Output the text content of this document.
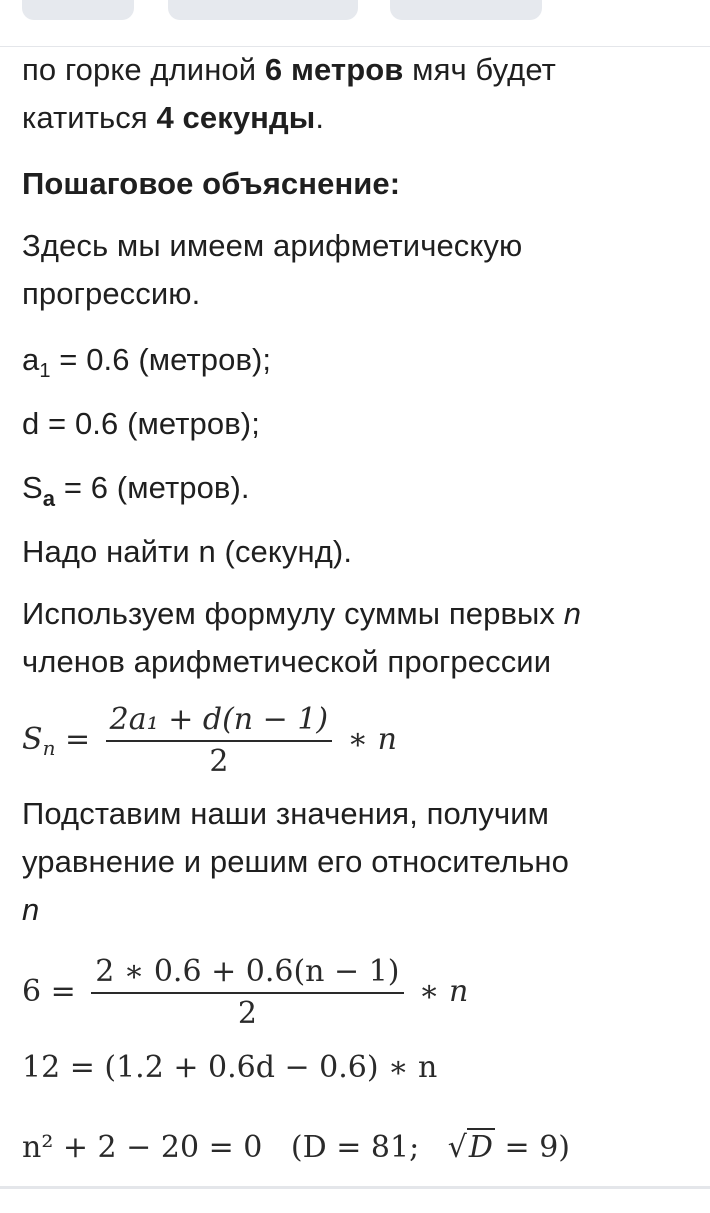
по горке длиной 6 метров мяч будет
катиться 4 секунды.
Пошаговое объяснение:
Здесь мы имеем арифметическую
прогрессию.
$a_1 = 0.6$ (метров);
d = 0.6 (метров);
$S_a = 6$ (метров).
Надо найти n (секунд).
Используем формулу суммы первых n
членов арифметической прогрессии
$S_n = \frac{\text{2a₁ + d(n − 1)}}{2}$ ∗ n
Подставим наши значения, получим
уравнение и решим его относительно
n
$6 = \frac{2 ∗ 0.6 + 0.6(n - 1)}{2}$ ∗ n
12 = (1.2 + 0.6d − 0.6) ∗ n
n² + 2 − 20 = 0   (D = 81;   √D = 9)
